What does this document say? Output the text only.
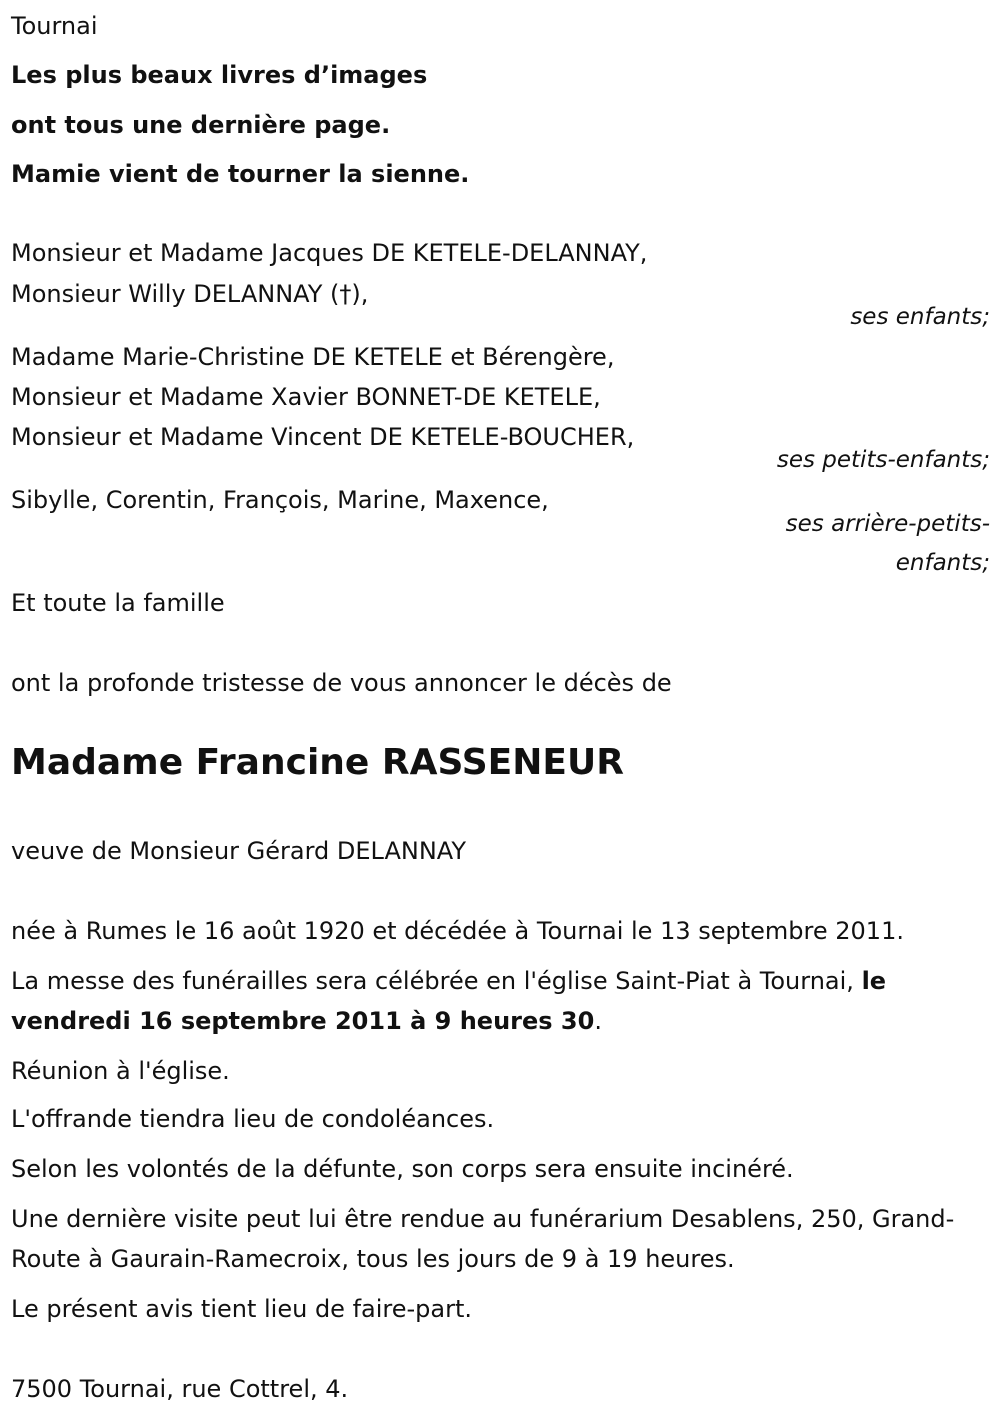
Tournai
Les plus beaux livres d’images
ont tous une dernière page.
Mamie vient de tourner la sienne.
Monsieur et Madame Jacques DE KETELE-DELANNAY,
Monsieur Willy DELANNAY (†),
ses enfants;
Madame Marie-Christine DE KETELE et Bérengère,
Monsieur et Madame Xavier BONNET-DE KETELE,
Monsieur et Madame Vincent DE KETELE-BOUCHER,
ses petits-enfants;
Sibylle, Corentin, François, Marine, Maxence,
ses arrière-petits-
enfants;
Et toute la famille
ont la profonde tristesse de vous annoncer le décès de
Madame Francine RASSENEUR
veuve de Monsieur Gérard DELANNAY
née à Rumes le 16 août 1920 et décédée à Tournai le 13 septembre 2011.
La messe des funérailles sera célébrée en l'église Saint-Piat à Tournai, le vendredi 16 septembre 2011 à 9 heures 30.
Réunion à l'église.
L'offrande tiendra lieu de condoléances.
Selon les volontés de la défunte, son corps sera ensuite incinéré.
Une dernière visite peut lui être rendue au funérarium Desablens, 250, Grand-Route à Gaurain-Ramecroix, tous les jours de 9 à 19 heures.
Le présent avis tient lieu de faire-part.
7500 Tournai, rue Cottrel, 4.
